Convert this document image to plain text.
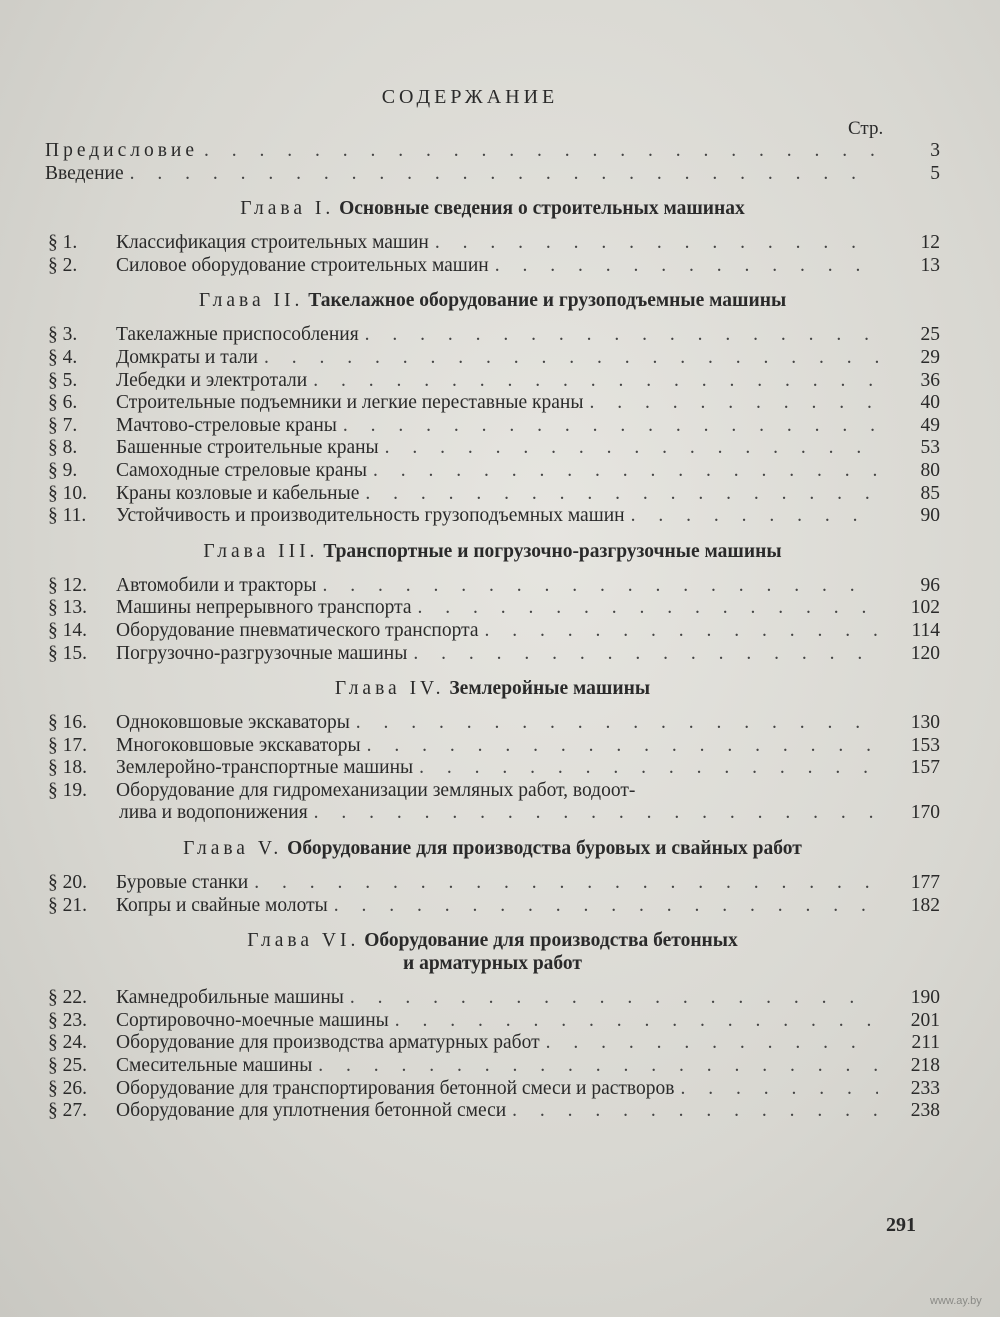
СОДЕРЖАНИЕ
Стр.
Предисловие . . .	3
Введение . . .	5
Глава I. Основные сведения о строительных машинах
§ 1. Классификация строительных машин . . .	12
§ 2. Силовое оборудование строительных машин . . .	13
Глава II. Такелажное оборудование и грузоподъемные машины
§ 3. Такелажные приспособления . . .	25
§ 4. Домкраты и тали . . .	29
§ 5. Лебедки и электротали . . .	36
§ 6. Строительные подъемники и легкие переставные краны . . .	40
§ 7. Мачтово-стреловые краны . . .	49
§ 8. Башенные строительные краны . . .	53
§ 9. Самоходные стреловые краны . . .	80
§ 10. Краны козловые и кабельные . . .	85
§ 11. Устойчивость и производительность грузоподъемных машин . . .	90
Глава III. Транспортные и погрузочно-разгрузочные машины
§ 12. Автомобили и тракторы . . .	96
§ 13. Машины непрерывного транспорта . . .	102
§ 14. Оборудование пневматического транспорта . . .	114
§ 15. Погрузочно-разгрузочные машины . . .	120
Глава IV. Землеройные машины
§ 16. Одноковшовые экскаваторы . . .	130
§ 17. Многоковшовые экскаваторы . . .	153
§ 18. Землеройно-транспортные машины . . .	157
§ 19. Оборудование для гидромеханизации земляных работ, водоот-
лива и водопонижения . . .	170
Глава V. Оборудование для производства буровых и свайных работ
§ 20. Буровые станки . . .	177
§ 21. Копры и свайные молоты . . .	182
Глава VI. Оборудование для производства бетонных
и арматурных работ
§ 22. Камнедробильные машины . . .	190
§ 23. Сортировочно-моечные машины . . .	201
§ 24. Оборудование для производства арматурных работ . . .	211
§ 25. Смесительные машины . . .	218
§ 26. Оборудование для транспортирования бетонной смеси и растворов . . .	233
§ 27. Оборудование для уплотнения бетонной смеси . . .	238
291
www.ay.by
